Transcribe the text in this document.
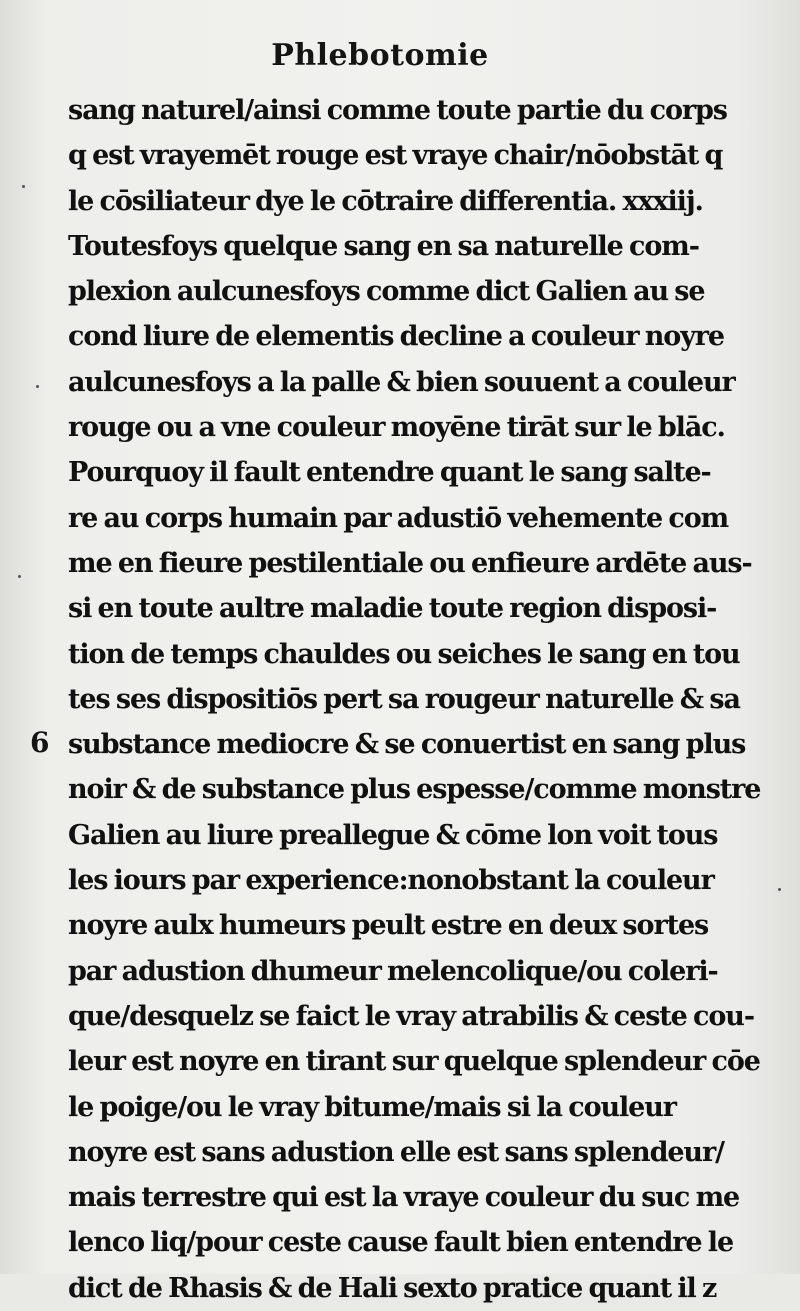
Phlebotomie
6
sang naturel/ainsi comme toute partie du corps
q est vrayemēt rouge est vraye chair/nōobstāt q
le cōsiliateur dye le cōtraire differentia. xxxiij.
Toutesfoys quelque sang en sa naturelle com-
plexion aulcunesfoys comme dict Galien au se
cond liure de elementis decline a couleur noyre
aulcunesfoys a la palle & bien souuent a couleur
rouge ou a vne couleur moyēne tirāt sur le blāc.
Pourquoy il fault entendre quant le sang salte-
re au corps humain par adustiō vehemente com
me en fieure pestilentiale ou enfieure ardēte aus-
si en toute aultre maladie toute region disposi-
tion de temps chauldes ou seiches le sang en tou
tes ses dispositiōs pert sa rougeur naturelle & sa
substance mediocre & se conuertist en sang plus
noir & de substance plus espesse/comme monstre
Galien au liure preallegue & cōme lon voit tous
les iours par experience:nonobstant la couleur
noyre aulx humeurs peult estre en deux sortes
par adustion dhumeur melencolique/ou coleri-
que/desquelz se faict le vray atrabilis & ceste cou-
leur est noyre en tirant sur quelque splendeur cōe
le poige/ou le vray bitume/mais si la couleur
noyre est sans adustion elle est sans splendeur/
mais terrestre qui est la vraye couleur du suc me
lenco liq/pour ceste cause fault bien entendre le
dict de Rhasis & de Hali sexto pratice quant il z
